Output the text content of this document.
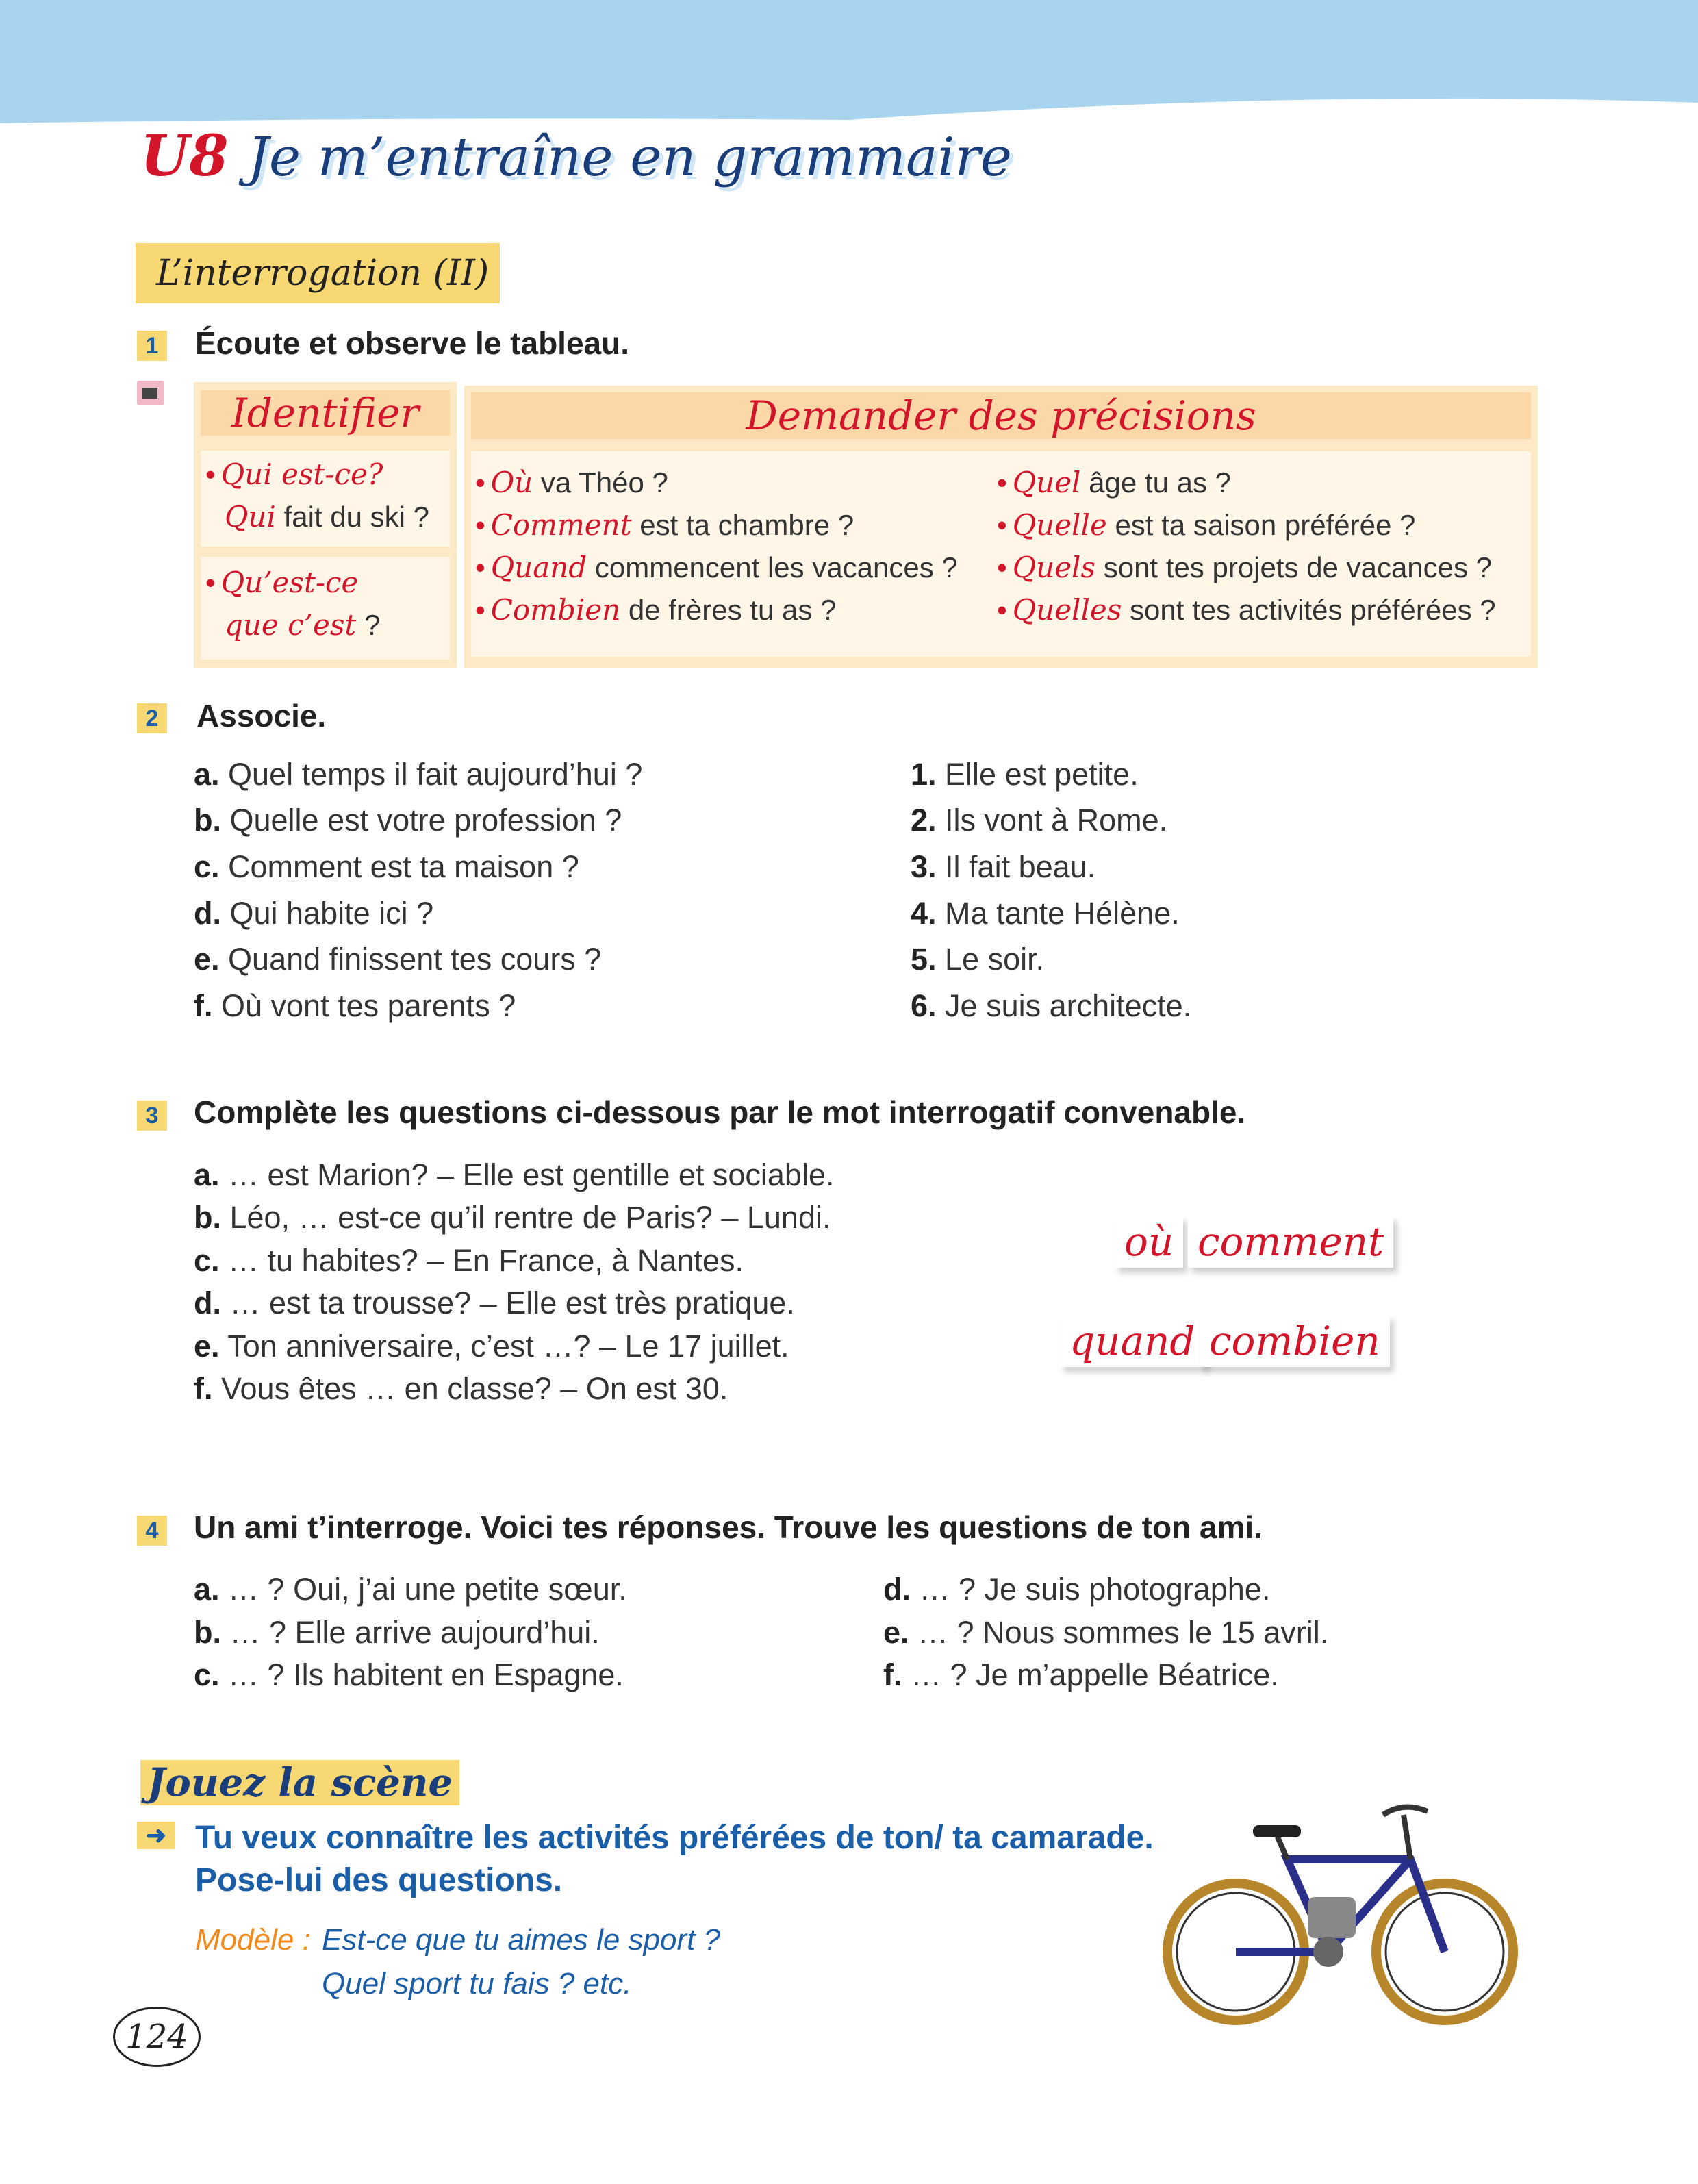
U8 Je m’entraîne en grammaire
L’interrogation (II)
1 Écoute et observe le tableau.
Identifier
• Qui est-ce?
Qui fait du ski ?
• Qu’est-ce
que c’est ?
Demander des précisions
• Où va Théo ?
• Comment est ta chambre ?
• Quand commencent les vacances ?
• Combien de frères tu as ?
• Quel âge tu as ?
• Quelle est ta saison préférée ?
• Quels sont tes projets de vacances ?
• Quelles sont tes activités préférées ?
2 Associe.
a. Quel temps il fait aujourd’hui ?
b. Quelle est votre profession ?
c. Comment est ta maison ?
d. Qui habite ici ?
e. Quand finissent tes cours ?
f. Où vont tes parents ?
1. Elle est petite.
2. Ils vont à Rome.
3. Il fait beau.
4. Ma tante Hélène.
5. Le soir.
6. Je suis architecte.
3 Complète les questions ci-dessous par le mot interrogatif convenable.
a. … est Marion? – Elle est gentille et sociable.
b. Léo, … est-ce qu’il rentre de Paris? – Lundi.
c. … tu habites? – En France, à Nantes.
d. … est ta trousse? – Elle est très pratique.
e. Ton anniversaire, c’est …? – Le 17 juillet.
f. Vous êtes … en classe? – On est 30.
où comment
quand combien
4 Un ami t’interroge. Voici tes réponses. Trouve les questions de ton ami.
a. … ? Oui, j’ai une petite sœur.
b. … ? Elle arrive aujourd’hui.
c. … ? Ils habitent en Espagne.
d. … ? Je suis photographe.
e. … ? Nous sommes le 15 avril.
f. … ? Je m’appelle Béatrice.
Jouez la scène
➜ Tu veux connaître les activités préférées de ton/ ta camarade.
Pose-lui des questions.
Modèle : Est-ce que tu aimes le sport ?
Quel sport tu fais ? etc.
124
